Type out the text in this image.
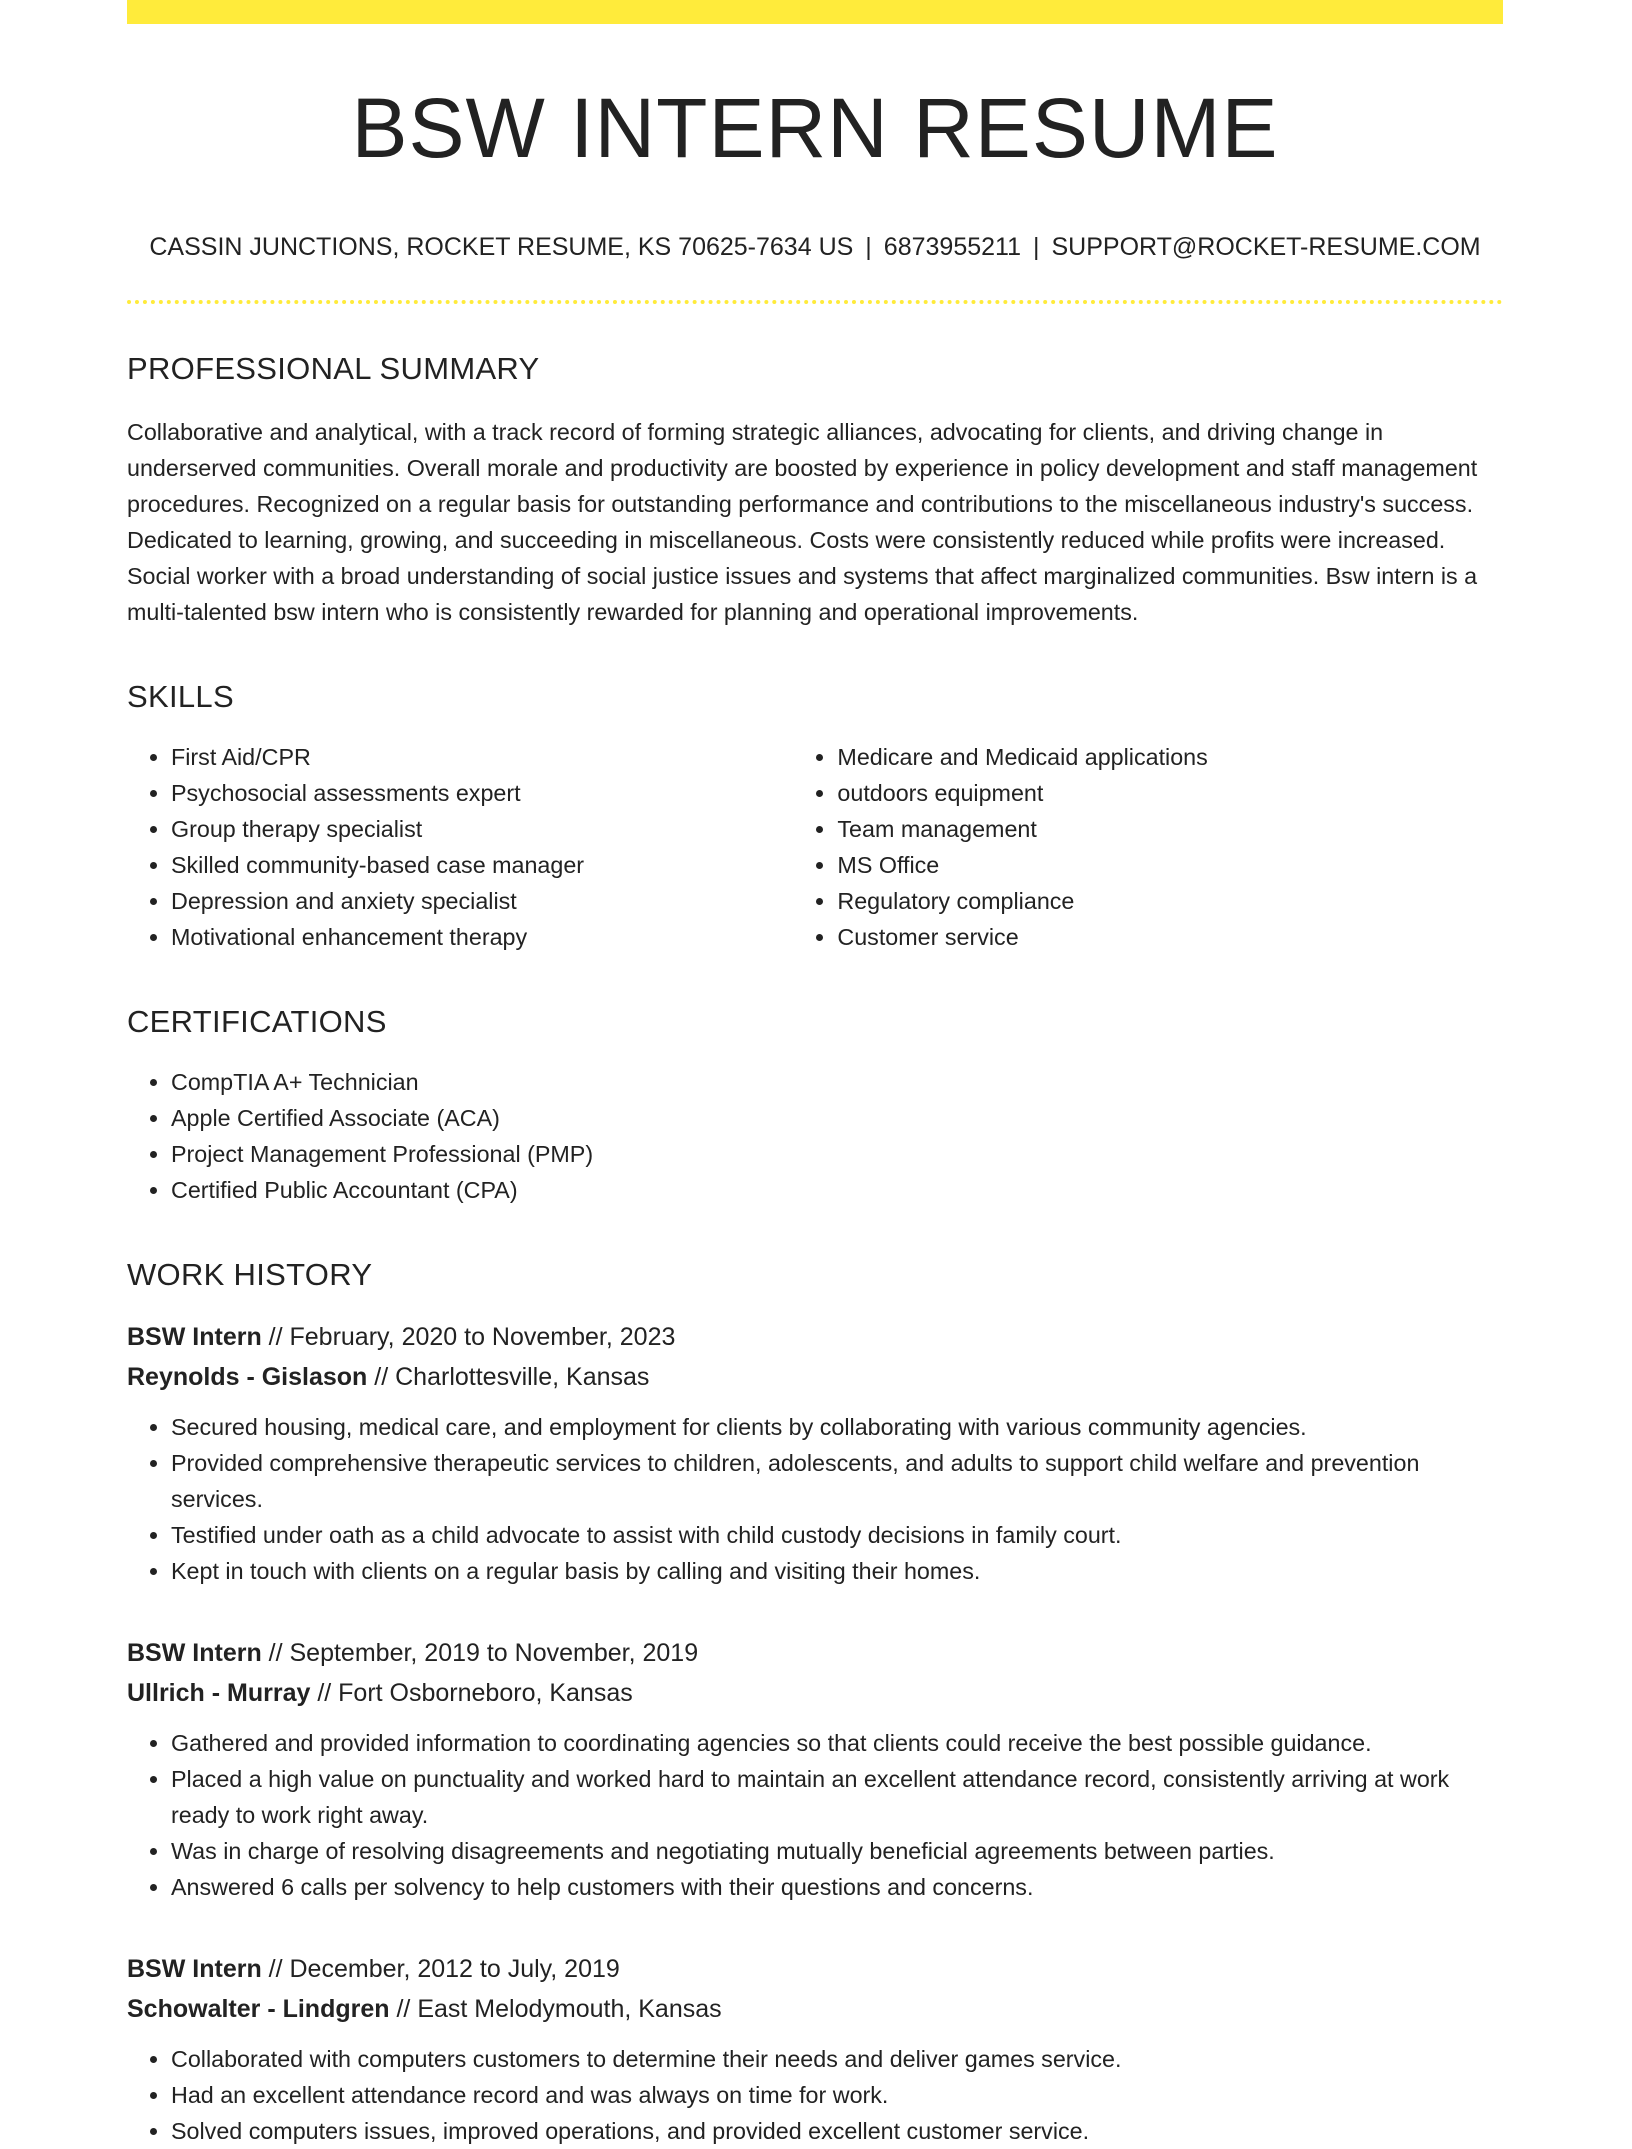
BSW INTERN RESUME
CASSIN JUNCTIONS, ROCKET RESUME, KS 70625-7634 US | 6873955211 | SUPPORT@ROCKET-RESUME.COM
PROFESSIONAL SUMMARY
Collaborative and analytical, with a track record of forming strategic alliances, advocating for clients, and driving change in underserved communities. Overall morale and productivity are boosted by experience in policy development and staff management procedures. Recognized on a regular basis for outstanding performance and contributions to the miscellaneous industry's success. Dedicated to learning, growing, and succeeding in miscellaneous. Costs were consistently reduced while profits were increased. Social worker with a broad understanding of social justice issues and systems that affect marginalized communities. Bsw intern is a multi-talented bsw intern who is consistently rewarded for planning and operational improvements.
SKILLS
• First Aid/CPR
• Psychosocial assessments expert
• Group therapy specialist
• Skilled community-based case manager
• Depression and anxiety specialist
• Motivational enhancement therapy
• Medicare and Medicaid applications
• outdoors equipment
• Team management
• MS Office
• Regulatory compliance
• Customer service
CERTIFICATIONS
• CompTIA A+ Technician
• Apple Certified Associate (ACA)
• Project Management Professional (PMP)
• Certified Public Accountant (CPA)
WORK HISTORY
BSW Intern // February, 2020 to November, 2023
Reynolds - Gislason // Charlottesville, Kansas
• Secured housing, medical care, and employment for clients by collaborating with various community agencies.
• Provided comprehensive therapeutic services to children, adolescents, and adults to support child welfare and prevention services.
• Testified under oath as a child advocate to assist with child custody decisions in family court.
• Kept in touch with clients on a regular basis by calling and visiting their homes.
BSW Intern // September, 2019 to November, 2019
Ullrich - Murray // Fort Osborneboro, Kansas
• Gathered and provided information to coordinating agencies so that clients could receive the best possible guidance.
• Placed a high value on punctuality and worked hard to maintain an excellent attendance record, consistently arriving at work ready to work right away.
• Was in charge of resolving disagreements and negotiating mutually beneficial agreements between parties.
• Answered 6 calls per solvency to help customers with their questions and concerns.
BSW Intern // December, 2012 to July, 2019
Schowalter - Lindgren // East Melodymouth, Kansas
• Collaborated with computers customers to determine their needs and deliver games service.
• Had an excellent attendance record and was always on time for work.
• Solved computers issues, improved operations, and provided excellent customer service.
